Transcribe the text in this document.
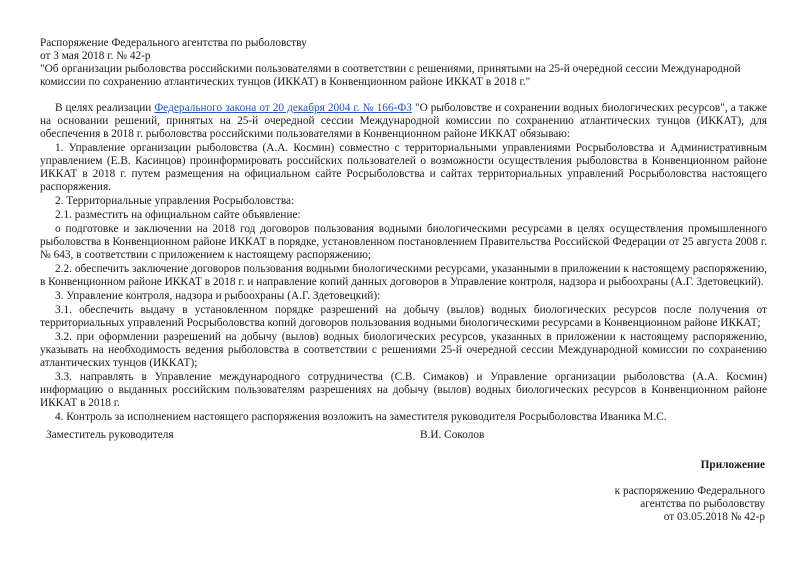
Распоряжение Федерального агентства по рыболовству
от 3 мая 2018 г. № 42-р
"Об организации рыболовства российскими пользователями в соответствии с решениями, принятыми на 25-й очередной сессии Международной
комиссии по сохранению атлантических тунцов (ИККАТ) в Конвенционном районе ИККАТ в 2018 г."

В целях реализации Федерального закона от 20 декабря 2004 г. № 166-ФЗ "О рыболовстве и сохранении водных биологических ресурсов", а также на основании решений, принятых на 25-й очередной сессии Международной комиссии по сохранению атлантических тунцов (ИККАТ), для обеспечения в 2018 г. рыболовства российскими пользователями в Конвенционном районе ИККАТ обязываю:

1. Управление организации рыболовства (А.А. Космин) совместно с территориальными управлениями Росрыболовства и Административным управлением (Е.В. Касинцов) проинформировать российских пользователей о возможности осуществления рыболовства в Конвенционном районе ИККАТ в 2018 г. путем размещения на официальном сайте Росрыболовства и сайтах территориальных управлений Росрыболовства настоящего распоряжения.

2. Территориальные управления Росрыболовства:

2.1. разместить на официальном сайте объявление:

о подготовке и заключении на 2018 год договоров пользования водными биологическими ресурсами в целях осуществления промышленного рыболовства в Конвенционном районе ИККАТ в порядке, установленном постановлением Правительства Российской Федерации от 25 августа 2008 г. № 643, в соответствии с приложением к настоящему распоряжению;

2.2. обеспечить заключение договоров пользования водными биологическими ресурсами, указанными в приложении к настоящему распоряжению, в Конвенционном районе ИККАТ в 2018 г. и направление копий данных договоров в Управление контроля, надзора и рыбоохраны (А.Г. Здетовецкий).

3. Управление контроля, надзора и рыбоохраны (А.Г. Здетовецкий):

3.1. обеспечить выдачу в установленном порядке разрешений на добычу (вылов) водных биологических ресурсов после получения от территориальных управлений Росрыболовства копий договоров пользования водными биологическими ресурсами в Конвенционном районе ИККАТ;

3.2. при оформлении разрешений на добычу (вылов) водных биологических ресурсов, указанных в приложении к настоящему распоряжению, указывать на необходимость ведения рыболовства в соответствии с решениями 25-й очередной сессии Международной комиссии по сохранению атлантических тунцов (ИККАТ);

3.3. направлять в Управление международного сотрудничества (С.В. Симаков) и Управление организации рыболовства (А.А. Космин) информацию о выданных российским пользователям разрешениях на добычу (вылов) водных биологических ресурсов в Конвенционном районе ИККАТ в 2018 г.

4. Контроль за исполнением настоящего распоряжения возложить на заместителя руководителя Росрыболовства Иваника М.С.

Заместитель руководителя	В.И. Соколов
Приложение
к распоряжению Федерального
агентства по рыболовству
от 03.05.2018 № 42-р
